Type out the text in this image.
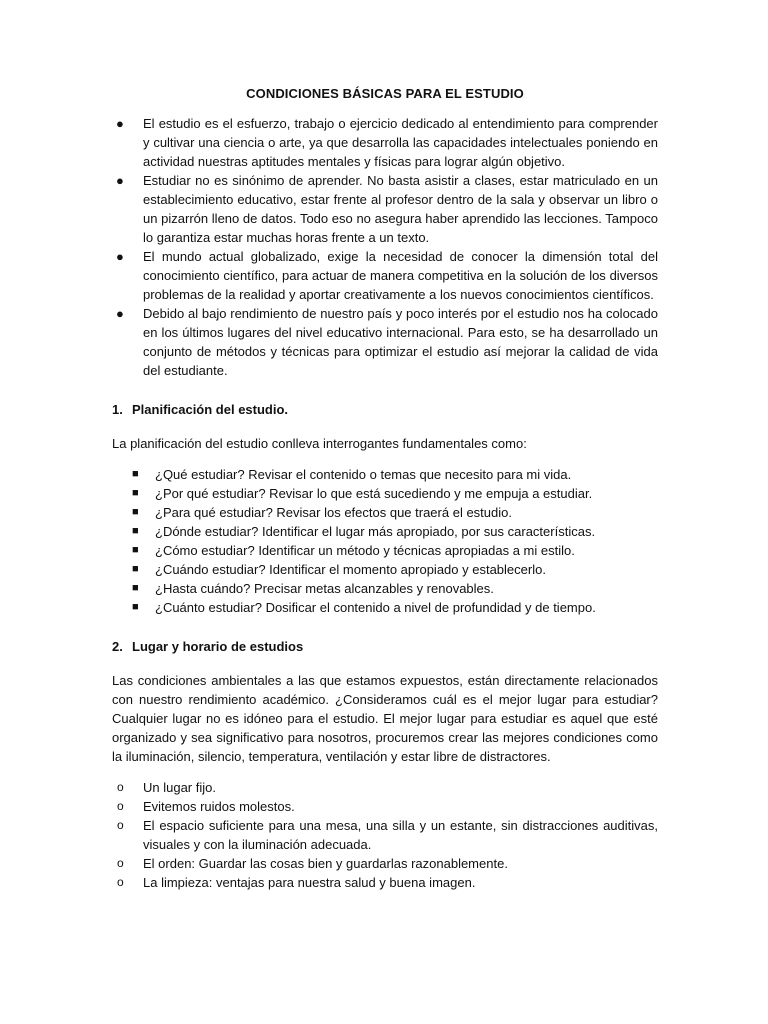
CONDICIONES BÁSICAS PARA EL ESTUDIO
● El estudio es el esfuerzo, trabajo o ejercicio dedicado al entendimiento para comprender y cultivar una ciencia o arte, ya que desarrolla las capacidades intelectuales poniendo en actividad nuestras aptitudes mentales y físicas para lograr algún objetivo.
● Estudiar no es sinónimo de aprender. No basta asistir a clases, estar matriculado en un establecimiento educativo, estar frente al profesor dentro de la sala y observar un libro o un pizarrón lleno de datos. Todo eso no asegura haber aprendido las lecciones. Tampoco lo garantiza estar muchas horas frente a un texto.
● El mundo actual globalizado, exige la necesidad de conocer la dimensión total del conocimiento científico, para actuar de manera competitiva en la solución de los diversos problemas de la realidad y aportar creativamente a los nuevos conocimientos científicos.
● Debido al bajo rendimiento de nuestro país y poco interés por el estudio nos ha colocado en los últimos lugares del nivel educativo internacional. Para esto, se ha desarrollado un conjunto de métodos y técnicas para optimizar el estudio así mejorar la calidad de vida del estudiante.
1. Planificación del estudio.

La planificación del estudio conlleva interrogantes fundamentales como:

■ ¿Qué estudiar? Revisar el contenido o temas que necesito para mi vida.
■ ¿Por qué estudiar? Revisar lo que está sucediendo y me empuja a estudiar.
■ ¿Para qué estudiar? Revisar los efectos que traerá el estudio.
■ ¿Dónde estudiar? Identificar el lugar más apropiado, por sus características.
■ ¿Cómo estudiar? Identificar un método y técnicas apropiadas a mi estilo.
■ ¿Cuándo estudiar? Identificar el momento apropiado y establecerlo.
■ ¿Hasta cuándo? Precisar metas alcanzables y renovables.
■ ¿Cuánto estudiar? Dosificar el contenido a nivel de profundidad y de tiempo.
2. Lugar y horario de estudios

Las condiciones ambientales a las que estamos expuestos, están directamente relacionados con nuestro rendimiento académico. ¿Consideramos cuál es el mejor lugar para estudiar? Cualquier lugar no es idóneo para el estudio. El mejor lugar para estudiar es aquel que esté organizado y sea significativo para nosotros, procuremos crear las mejores condiciones como la iluminación, silencio, temperatura, ventilación y estar libre de distractores.

o Un lugar fijo.
o Evitemos ruidos molestos.
o El espacio suficiente para una mesa, una silla y un estante, sin distracciones auditivas, visuales y con la iluminación adecuada.
o El orden: Guardar las cosas bien y guardarlas razonablemente.
o La limpieza: ventajas para nuestra salud y buena imagen.
